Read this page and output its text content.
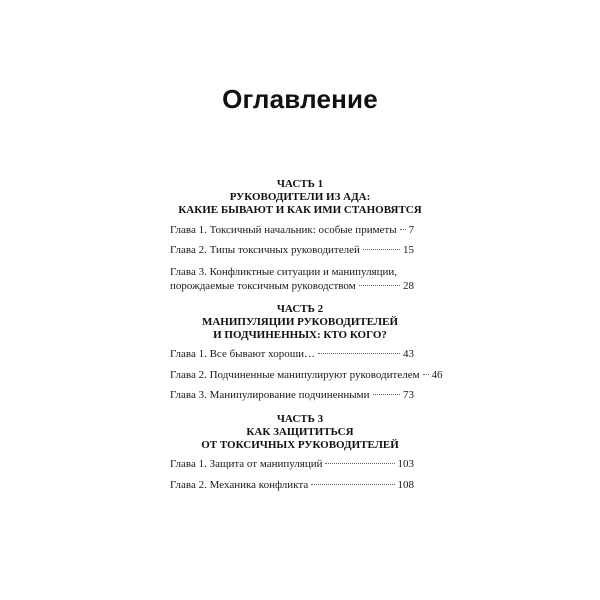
Оглавление
ЧАСТЬ 1
РУКОВОДИТЕЛИ ИЗ АДА:
КАКИЕ БЫВАЮТ И КАК ИМИ СТАНОВЯТСЯ
Глава 1. Токсичный начальник: особые приметы 7
Глава 2. Типы токсичных руководителей	15
Глава 3. Конфликтные ситуации и манипуляции,
порождаемые токсичным руководством	28
ЧАСТЬ 2
МАНИПУЛЯЦИИ РУКОВОДИТЕЛЕЙ
И ПОДЧИНЕННЫХ: КТО КОГО?
Глава 1. Все бывают хороши…	43
Глава 2. Подчиненные манипулируют руководителем 46
Глава 3. Манипулирование подчиненными	73
ЧАСТЬ 3
КАК ЗАЩИТИТЬСЯ
ОТ ТОКСИЧНЫХ РУКОВОДИТЕЛЕЙ
Глава 1. Защита от манипуляций	103
Глава 2. Механика конфликта	108
